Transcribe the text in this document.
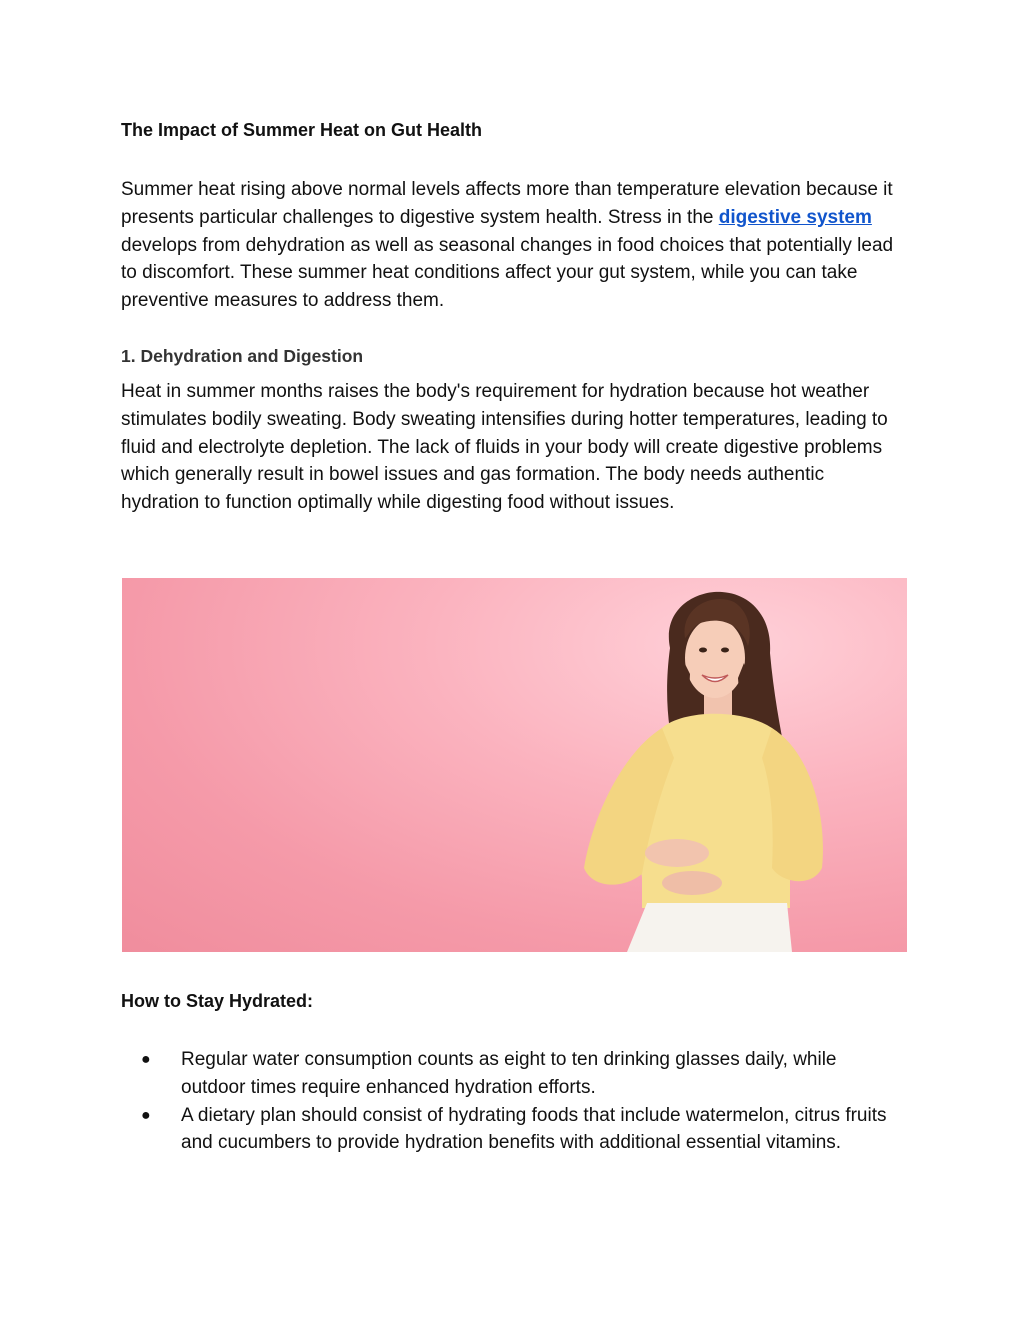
The Impact of Summer Heat on Gut Health

Summer heat rising above normal levels affects more than temperature elevation because it presents particular challenges to digestive system health. Stress in the digestive system develops from dehydration as well as seasonal changes in food choices that potentially lead to discomfort. These summer heat conditions affect your gut system, while you can take preventive measures to address them.

1. Dehydration and Digestion

Heat in summer months raises the body's requirement for hydration because hot weather stimulates bodily sweating. Body sweating intensifies during hotter temperatures, leading to fluid and electrolyte depletion. The lack of fluids in your body will create digestive problems which generally result in bowel issues and gas formation. The body needs authentic hydration to function optimally while digesting food without issues.

How to Stay Hydrated:
● Regular water consumption counts as eight to ten drinking glasses daily, while outdoor times require enhanced hydration efforts.
● A dietary plan should consist of hydrating foods that include watermelon, citrus fruits and cucumbers to provide hydration benefits with additional essential vitamins.
